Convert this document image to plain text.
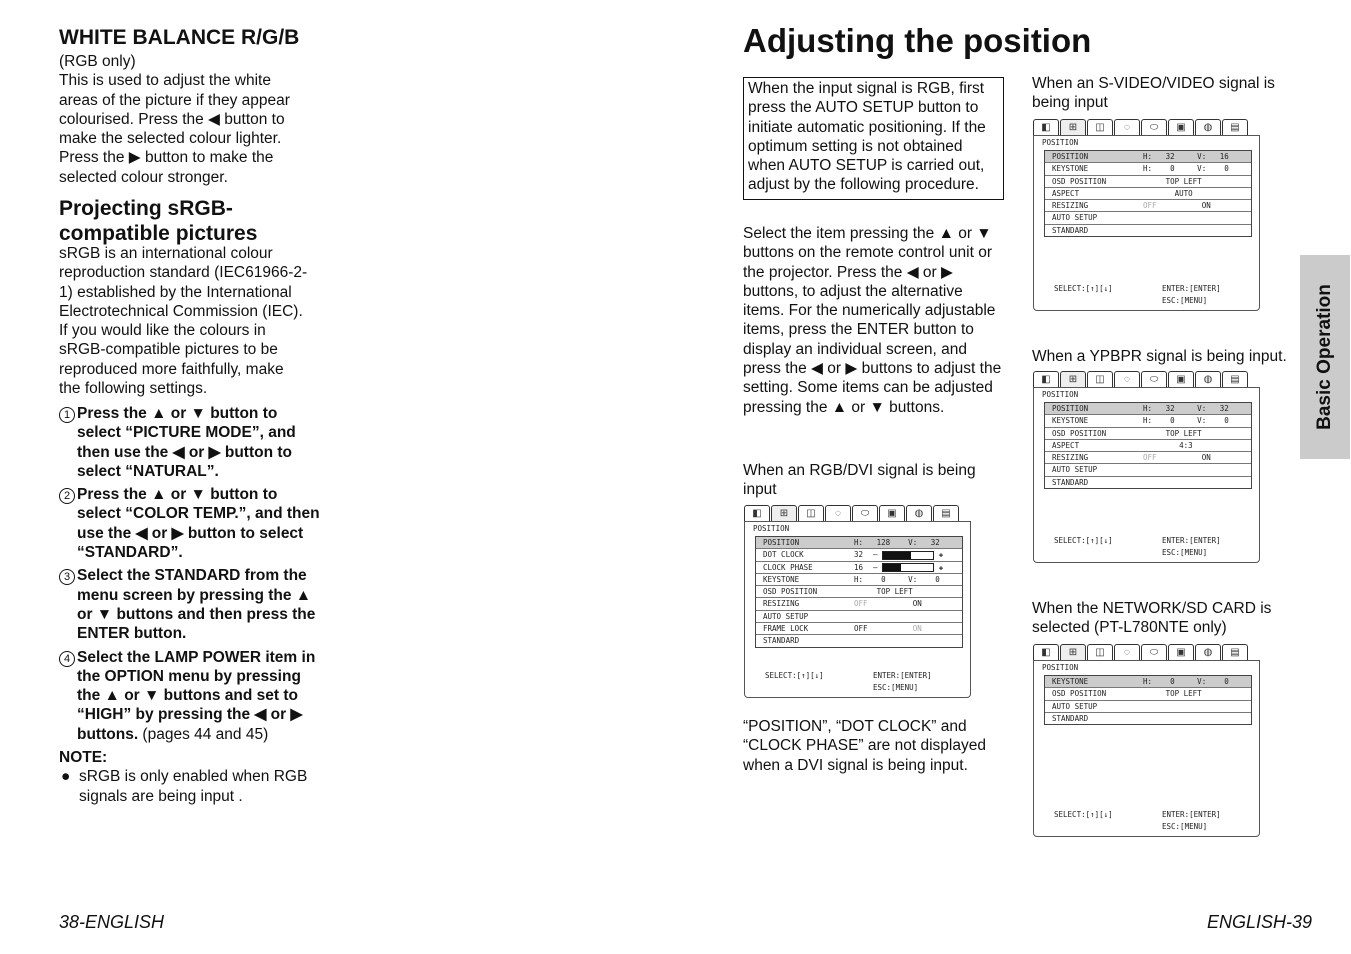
WHITE BALANCE R/G/B
(RGB only)
This is used to adjust the white
areas of the picture if they appear
colourised. Press the ◀ button to
make the selected colour lighter.
Press the ▶ button to make the
selected colour stronger.
Projecting sRGB-compatible pictures
sRGB is an international colour
reproduction standard (IEC61966-2-
1) established by the International
Electrotechnical Commission (IEC).
If you would like the colours in
sRGB-compatible pictures to be
reproduced more faithfully, make
the following settings.
1 Press the ▲ or ▼ button to select “PICTURE MODE”, and then use the ◀ or ▶ button to select “NATURAL”.
2 Press the ▲ or ▼ button to select “COLOR TEMP.”, and then use the ◀ or ▶ button to select “STANDARD”.
3 Select the STANDARD from the menu screen by pressing the ▲ or ▼ buttons and then press the ENTER button.
4 Select the LAMP POWER item in the OPTION menu by pressing the ▲ or ▼ buttons and set to “HIGH” by pressing the ◀ or ▶ buttons. (pages 44 and 45)
NOTE:
● sRGB is only enabled when RGB signals are being input .
38-ENGLISH
Adjusting the position
When the input signal is RGB, first press the AUTO SETUP button to initiate automatic positioning. If the optimum setting is not obtained when AUTO SETUP is carried out, adjust by the following procedure.
Select the item pressing the ▲ or ▼ buttons on the remote control unit or the projector. Press the ◀ or ▶ buttons, to adjust the alternative items. For the numerically adjustable items, press the ENTER button to display an individual screen, and press the ◀ or ▶ buttons to adjust the setting. Some items can be adjusted pressing the ▲ or ▼ buttons.
When an RGB/DVI signal is being input
“POSITION”, “DOT CLOCK” and “CLOCK PHASE” are not displayed when a DVI signal is being input.
When an S-VIDEO/VIDEO signal is being input
When a YPBPR signal is being input.
When the NETWORK/SD CARD is selected (PT-L780NTE only)
◧	⊞	◫	◌	⬭	▣	◍	▤
POSITION
POSITION	H:   128    V:   32
DOT CLOCK	32 –	✚
CLOCK PHASE	16 –	✚
KEYSTONE	H:    0     V:    0
OSD POSITION	TOP LEFT
RESIZING	OFF	ON
AUTO SETUP
FRAME LOCK	OFF	ON
STANDARD
SELECT:[↑][↓]	ENTER:[ENTER]
ESC:[MENU]
◧	⊞	◫	◌	⬭	▣	◍	▤
POSITION
POSITION	H:   32     V:   16
KEYSTONE	H:    0     V:    0
OSD POSITION	TOP LEFT
ASPECT	AUTO
RESIZING	OFF	ON
AUTO SETUP
STANDARD
SELECT:[↑][↓]	ENTER:[ENTER]
ESC:[MENU]
◧	⊞	◫	◌	⬭	▣	◍	▤
POSITION
POSITION	H:   32     V:   32
KEYSTONE	H:    0     V:    0
OSD POSITION	TOP LEFT
ASPECT	4:3
RESIZING	OFF	ON
AUTO SETUP
STANDARD
SELECT:[↑][↓]	ENTER:[ENTER]
ESC:[MENU]
◧	⊞	◫	◌	⬭	▣	◍	▤
POSITION
KEYSTONE	H:    0     V:    0
OSD POSITION	TOP LEFT
AUTO SETUP
STANDARD
SELECT:[↑][↓]	ENTER:[ENTER]
ESC:[MENU]
Basic Operation
ENGLISH-39
